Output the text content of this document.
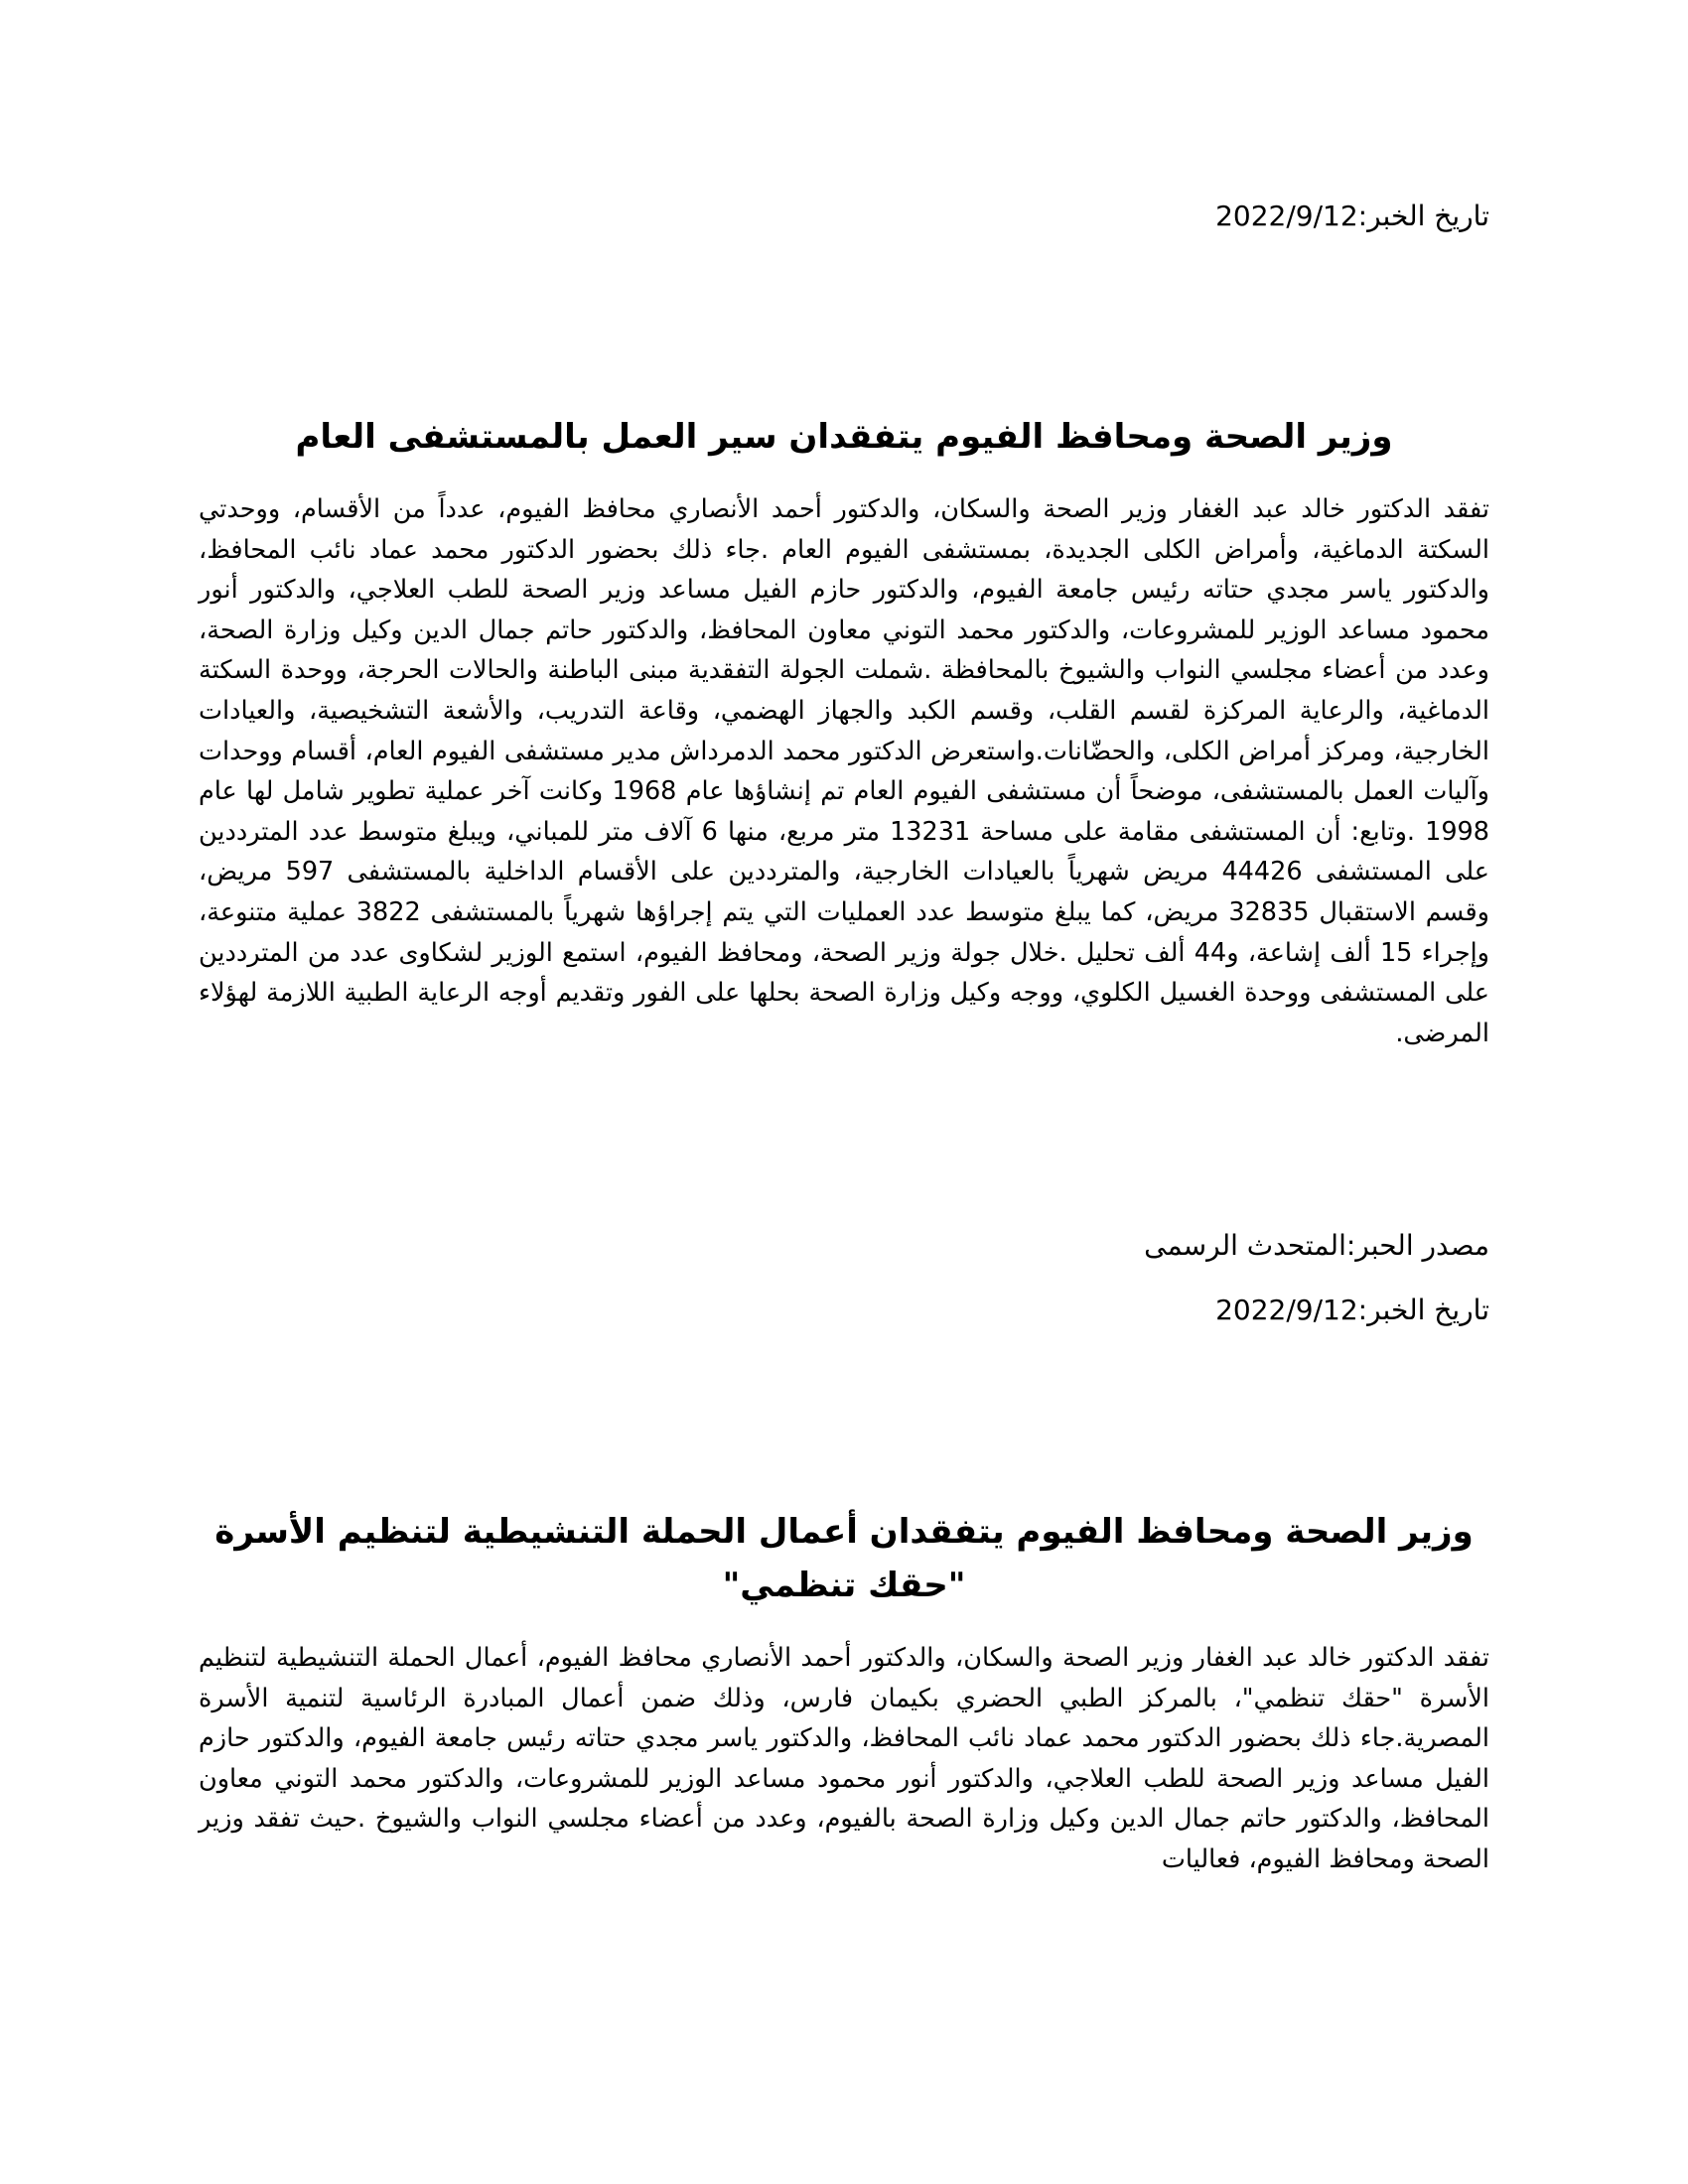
تاريخ الخبر:2022/9/12
وزير الصحة ومحافظ الفيوم يتفقدان سير العمل بالمستشفى العام

تفقد الدكتور خالد عبد الغفار وزير الصحة والسكان، والدكتور أحمد الأنصاري محافظ الفيوم، عدداً من الأقسام، ووحدتي السكتة الدماغية، وأمراض الكلى الجديدة، بمستشفى الفيوم العام .جاء ذلك بحضور الدكتور محمد عماد نائب المحافظ، والدكتور ياسر مجدي حتاته رئيس جامعة الفيوم، والدكتور حازم الفيل مساعد وزير الصحة للطب العلاجي، والدكتور أنور محمود مساعد الوزير للمشروعات، والدكتور محمد التوني معاون المحافظ، والدكتور حاتم جمال الدين وكيل وزارة الصحة، وعدد من أعضاء مجلسي النواب والشيوخ بالمحافظة .شملت الجولة التفقدية مبنى الباطنة والحالات الحرجة، ووحدة السكتة الدماغية، والرعاية المركزة لقسم القلب، وقسم الكبد والجهاز الهضمي، وقاعة التدريب، والأشعة التشخيصية، والعيادات الخارجية، ومركز أمراض الكلى، والحضّانات.واستعرض الدكتور محمد الدمرداش مدير مستشفى الفيوم العام، أقسام ووحدات وآليات العمل بالمستشفى، موضحاً أن مستشفى الفيوم العام تم إنشاؤها عام 1968 وكانت آخر عملية تطوير شامل لها عام 1998 .وتابع: أن المستشفى مقامة على مساحة 13231 متر مربع، منها 6 آلاف متر للمباني، ويبلغ متوسط عدد المترددين على المستشفى 44426 مريض شهرياً بالعيادات الخارجية، والمترددين على الأقسام الداخلية بالمستشفى 597 مريض، وقسم الاستقبال 32835 مريض، كما يبلغ متوسط عدد العمليات التي يتم إجراؤها شهرياً بالمستشفى 3822 عملية متنوعة، وإجراء 15 ألف إشاعة، و44 ألف تحليل .خلال جولة وزير الصحة، ومحافظ الفيوم، استمع الوزير لشكاوى عدد من المترددين على المستشفى ووحدة الغسيل الكلوي، ووجه وكيل وزارة الصحة بحلها على الفور وتقديم أوجه الرعاية الطبية اللازمة لهؤلاء المرضى.

مصدر الحبر:المتحدث الرسمى
تاريخ الخبر:2022/9/12
وزير الصحة ومحافظ الفيوم يتفقدان أعمال الحملة التنشيطية لتنظيم الأسرة "حقك تنظمي"

تفقد الدكتور خالد عبد الغفار وزير الصحة والسكان، والدكتور أحمد الأنصاري محافظ الفيوم، أعمال الحملة التنشيطية لتنظيم الأسرة "حقك تنظمي"، بالمركز الطبي الحضري بكيمان فارس، وذلك ضمن أعمال المبادرة الرئاسية لتنمية الأسرة المصرية.جاء ذلك بحضور الدكتور محمد عماد نائب المحافظ، والدكتور ياسر مجدي حتاته رئيس جامعة الفيوم، والدكتور حازم الفيل مساعد وزير الصحة للطب العلاجي، والدكتور أنور محمود مساعد الوزير للمشروعات، والدكتور محمد التوني معاون المحافظ، والدكتور حاتم جمال الدين وكيل وزارة الصحة بالفيوم، وعدد من أعضاء مجلسي النواب والشيوخ .حيث تفقد وزير الصحة ومحافظ الفيوم، فعاليات
